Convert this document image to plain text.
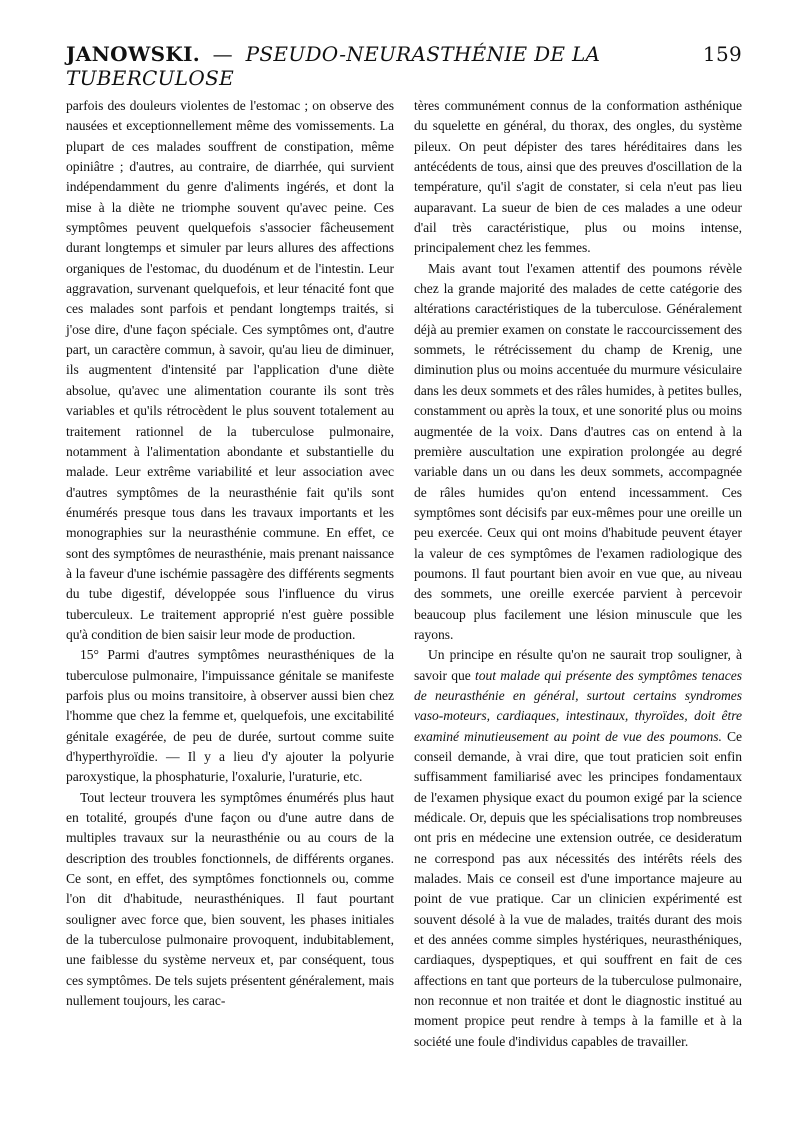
JANOWSKI. — PSEUDO-NEURASTHÉNIE DE LA TUBERCULOSE
159

parfois des douleurs violentes de l'estomac ; on observe des nausées et exceptionnellement même des vomissements. La plupart de ces malades souffrent de constipation, même opiniâtre ; d'autres, au contraire, de diarrhée, qui survient indépendamment du genre d'aliments ingérés, et dont la mise à la diète ne triomphe souvent qu'avec peine. Ces symptômes peuvent quelquefois s'associer fâcheusement durant longtemps et simuler par leurs allures des affections organiques de l'estomac, du duodénum et de l'intestin. Leur aggravation, survenant quelquefois, et leur ténacité font que ces malades sont parfois et pendant longtemps traités, si j'ose dire, d'une façon spéciale. Ces symptômes ont, d'autre part, un caractère commun, à savoir, qu'au lieu de diminuer, ils augmentent d'intensité par l'application d'une diète absolue, qu'avec une alimentation courante ils sont très variables et qu'ils rétrocèdent le plus souvent totalement au traitement rationnel de la tuberculose pulmonaire, notamment à l'alimentation abondante et substantielle du malade. Leur extrême variabilité et leur association avec d'autres symptômes de la neurasthénie fait qu'ils sont énumérés presque tous dans les travaux importants et les monographies sur la neurasthénie commune. En effet, ce sont des symptômes de neurasthénie, mais prenant naissance à la faveur d'une ischémie passagère des différents segments du tube digestif, développée sous l'influence du virus tuberculeux. Le traitement approprié n'est guère possible qu'à condition de bien saisir leur mode de production.

15° Parmi d'autres symptômes neurasthéniques de la tuberculose pulmonaire, l'impuissance génitale se manifeste parfois plus ou moins transitoire, à observer aussi bien chez l'homme que chez la femme et, quelquefois, une excitabilité génitale exagérée, de peu de durée, surtout comme suite d'hyperthyroïdie. — Il y a lieu d'y ajouter la polyurie paroxystique, la phosphaturie, l'oxalurie, l'uraturie, etc.

Tout lecteur trouvera les symptômes énumérés plus haut en totalité, groupés d'une façon ou d'une autre dans de multiples travaux sur la neurasthénie ou au cours de la description des troubles fonctionnels, de différents organes. Ce sont, en effet, des symptômes fonctionnels ou, comme l'on dit d'habitude, neurasthéniques. Il faut pourtant souligner avec force que, bien souvent, les phases initiales de la tuberculose pulmonaire provoquent, indubitablement, une faiblesse du système nerveux et, par conséquent, tous ces symptômes. De tels sujets présentent généralement, mais nullement toujours, les carac-

tères communément connus de la conformation asthénique du squelette en général, du thorax, des ongles, du système pileux. On peut dépister des tares héréditaires dans les antécédents de tous, ainsi que des preuves d'oscillation de la température, qu'il s'agit de constater, si cela n'eut pas lieu auparavant. La sueur de bien de ces malades a une odeur d'ail très caractéristique, plus ou moins intense, principalement chez les femmes.

Mais avant tout l'examen attentif des poumons révèle chez la grande majorité des malades de cette catégorie des altérations caractéristiques de la tuberculose. Généralement déjà au premier examen on constate le raccourcissement des sommets, le rétrécissement du champ de Krenig, une diminution plus ou moins accentuée du murmure vésiculaire dans les deux sommets et des râles humides, à petites bulles, constamment ou après la toux, et une sonorité plus ou moins augmentée de la voix. Dans d'autres cas on entend à la première auscultation une expiration prolongée au degré variable dans un ou dans les deux sommets, accompagnée de râles humides qu'on entend incessamment. Ces symptômes sont décisifs par eux-mêmes pour une oreille un peu exercée. Ceux qui ont moins d'habitude peuvent étayer la valeur de ces symptômes de l'examen radiologique des poumons. Il faut pourtant bien avoir en vue que, au niveau des sommets, une oreille exercée parvient à percevoir beaucoup plus facilement une lésion minuscule que les rayons.

Un principe en résulte qu'on ne saurait trop souligner, à savoir que tout malade qui présente des symptômes tenaces de neurasthénie en général, surtout certains syndromes vaso-moteurs, cardiaques, intestinaux, thyroïdes, doit être examiné minutieusement au point de vue des poumons. Ce conseil demande, à vrai dire, que tout praticien soit enfin suffisamment familiarisé avec les principes fondamentaux de l'examen physique exact du poumon exigé par la science médicale. Or, depuis que les spécialisations trop nombreuses ont pris en médecine une extension outrée, ce desideratum ne correspond pas aux nécessités des intérêts réels des malades. Mais ce conseil est d'une importance majeure au point de vue pratique. Car un clinicien expérimenté est souvent désolé à la vue de malades, traités durant des mois et des années comme simples hystériques, neurasthéniques, cardiaques, dyspeptiques, et qui souffrent en fait de ces affections en tant que porteurs de la tuberculose pulmonaire, non reconnue et non traitée et dont le diagnostic institué au moment propice peut rendre à temps à la famille et à la société une foule d'individus capables de travailler.
